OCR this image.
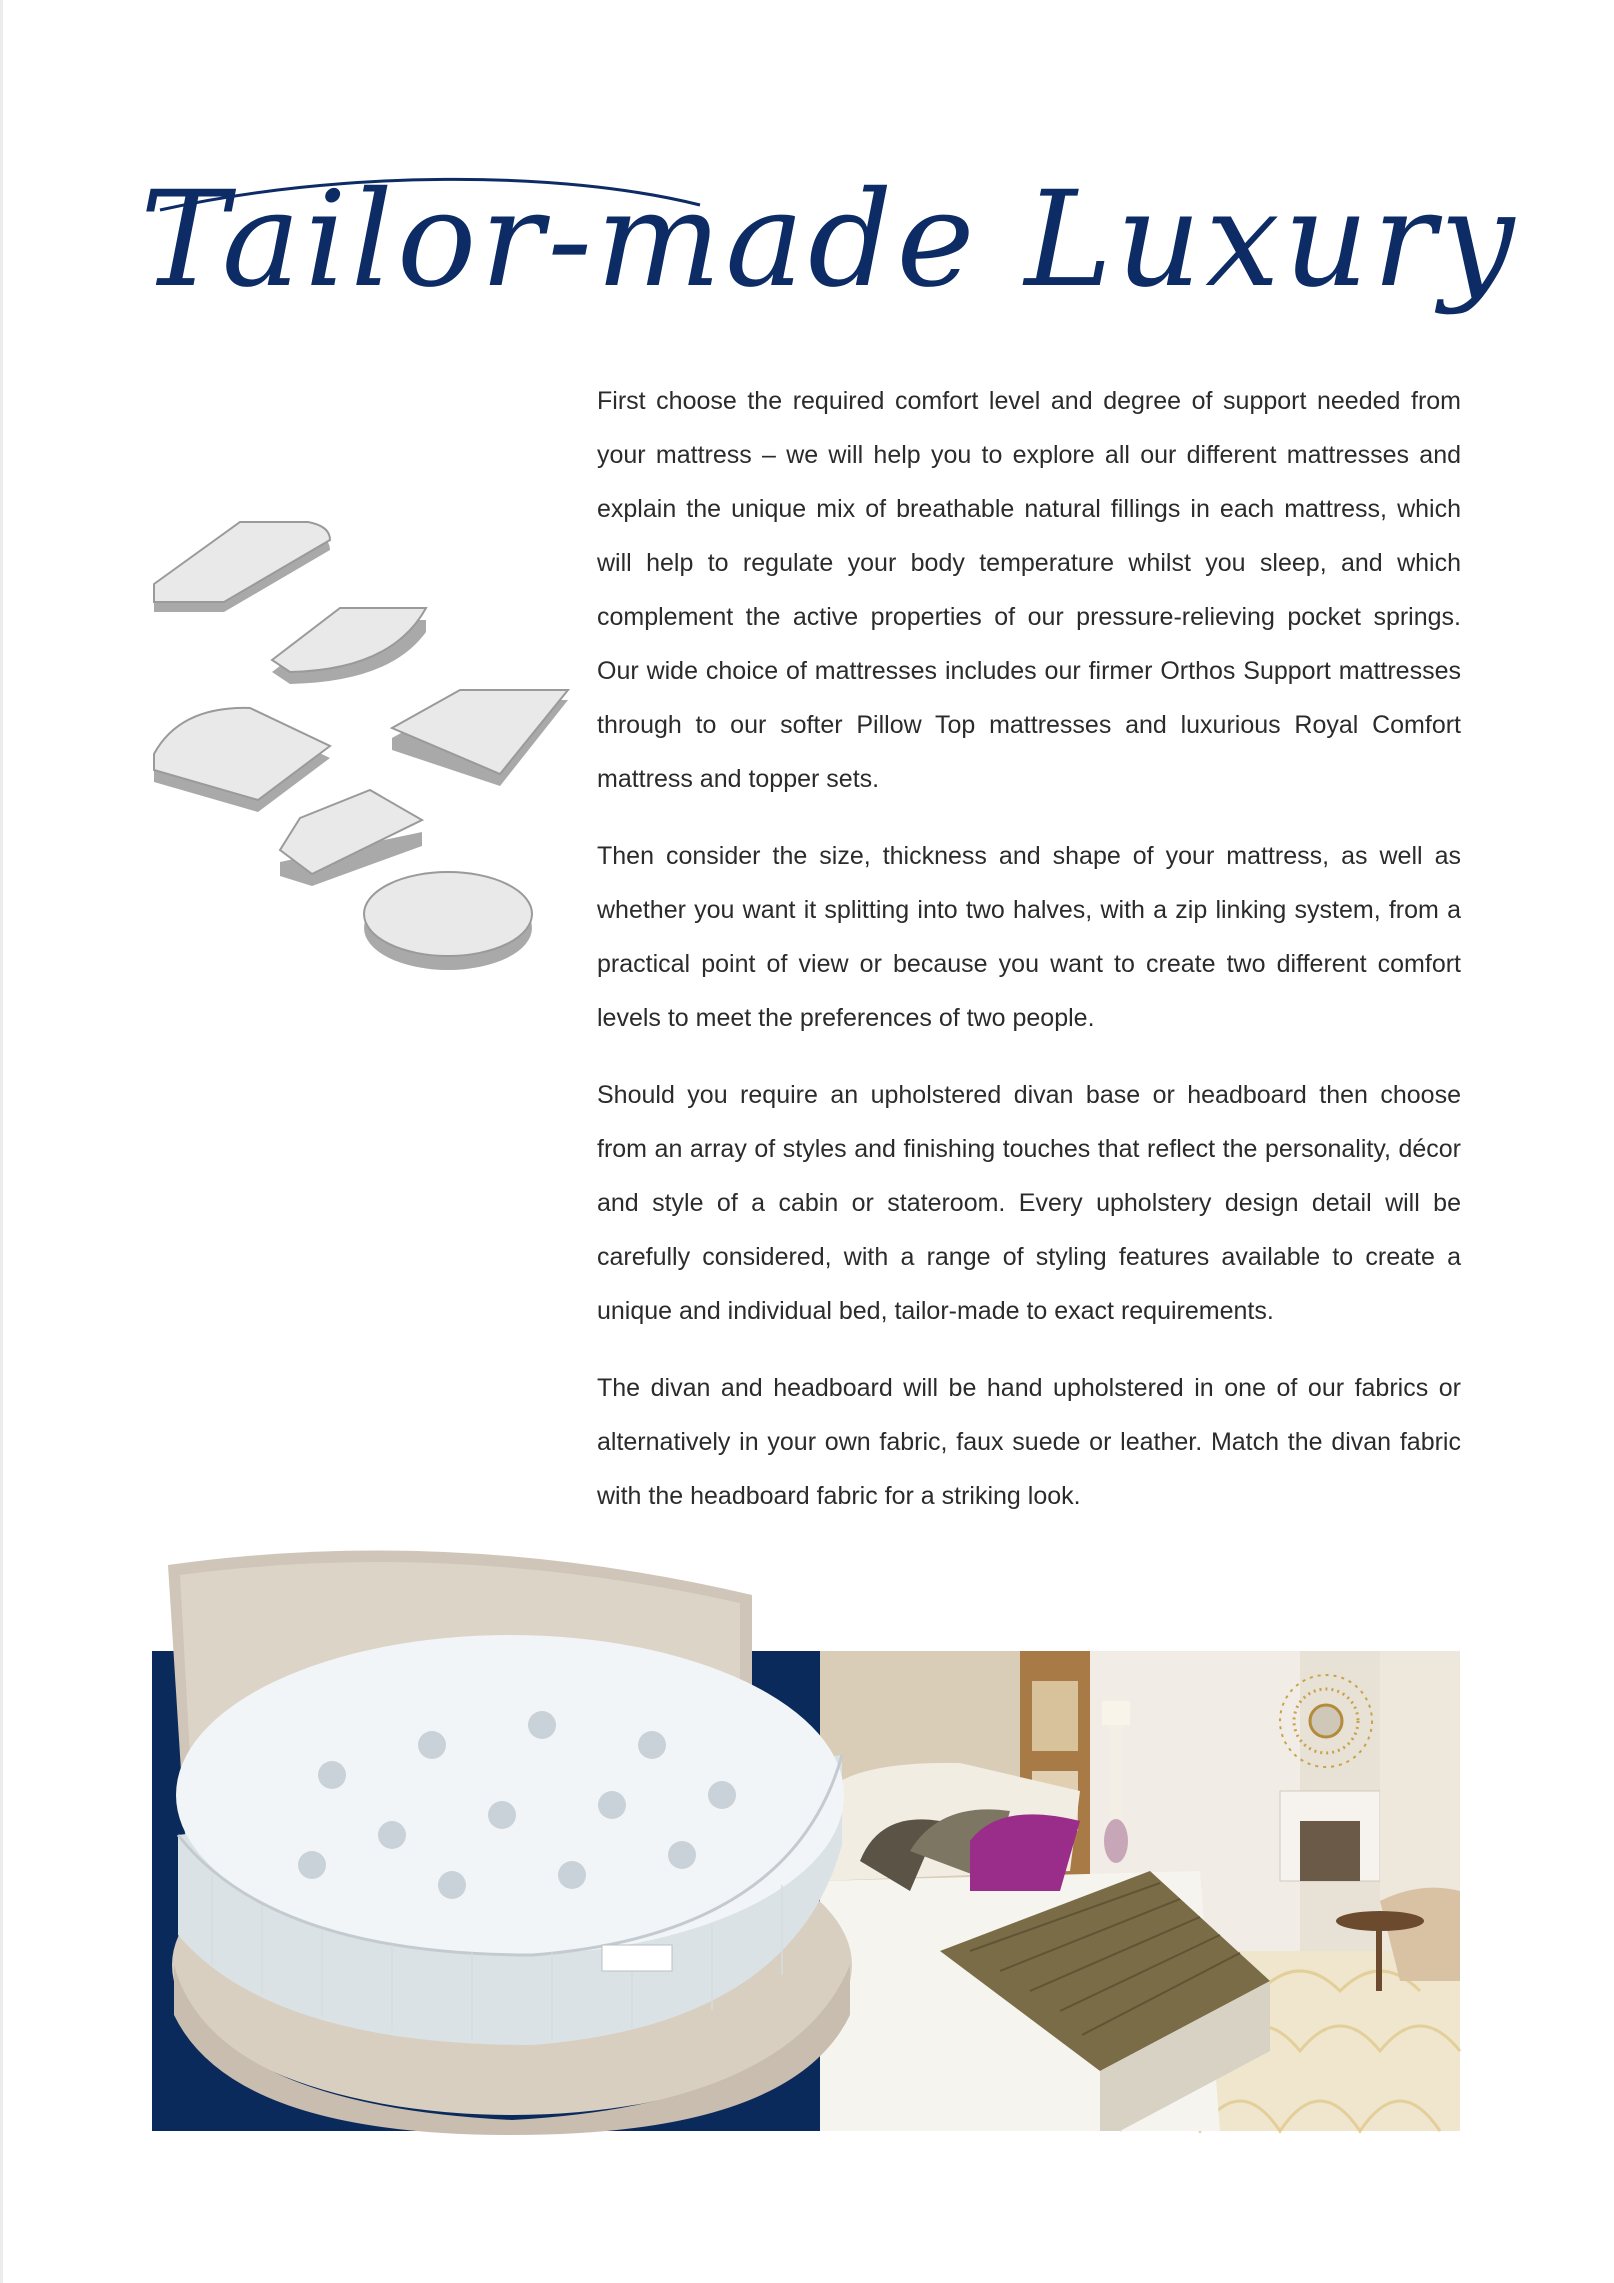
Tailor-made Luxury

First choose the required comfort level and degree of support needed from your mattress – we will help you to explore all our different mattresses and explain the unique mix of breathable natural fillings in each mattress, which will help to regulate your body temperature whilst you sleep, and which complement the active properties of our pressure-relieving pocket springs. Our wide choice of mattresses includes our firmer Orthos Support mattresses through to our softer Pillow Top mattresses and luxurious Royal Comfort mattress and topper sets.

Then consider the size, thickness and shape of your mattress, as well as whether you want it splitting into two halves, with a zip linking system, from a practical point of view or because you want to create two different comfort levels to meet the preferences of two people.

Should you require an upholstered divan base or headboard then choose from an array of styles and finishing touches that reflect the personality, décor and style of a cabin or stateroom. Every upholstery design detail will be carefully considered, with a range of styling features available to create a unique and individual bed, tailor-made to exact requirements.

The divan and headboard will be hand upholstered in one of our fabrics or alternatively in your own fabric, faux suede or leather. Match the divan fabric with the headboard fabric for a striking look.
